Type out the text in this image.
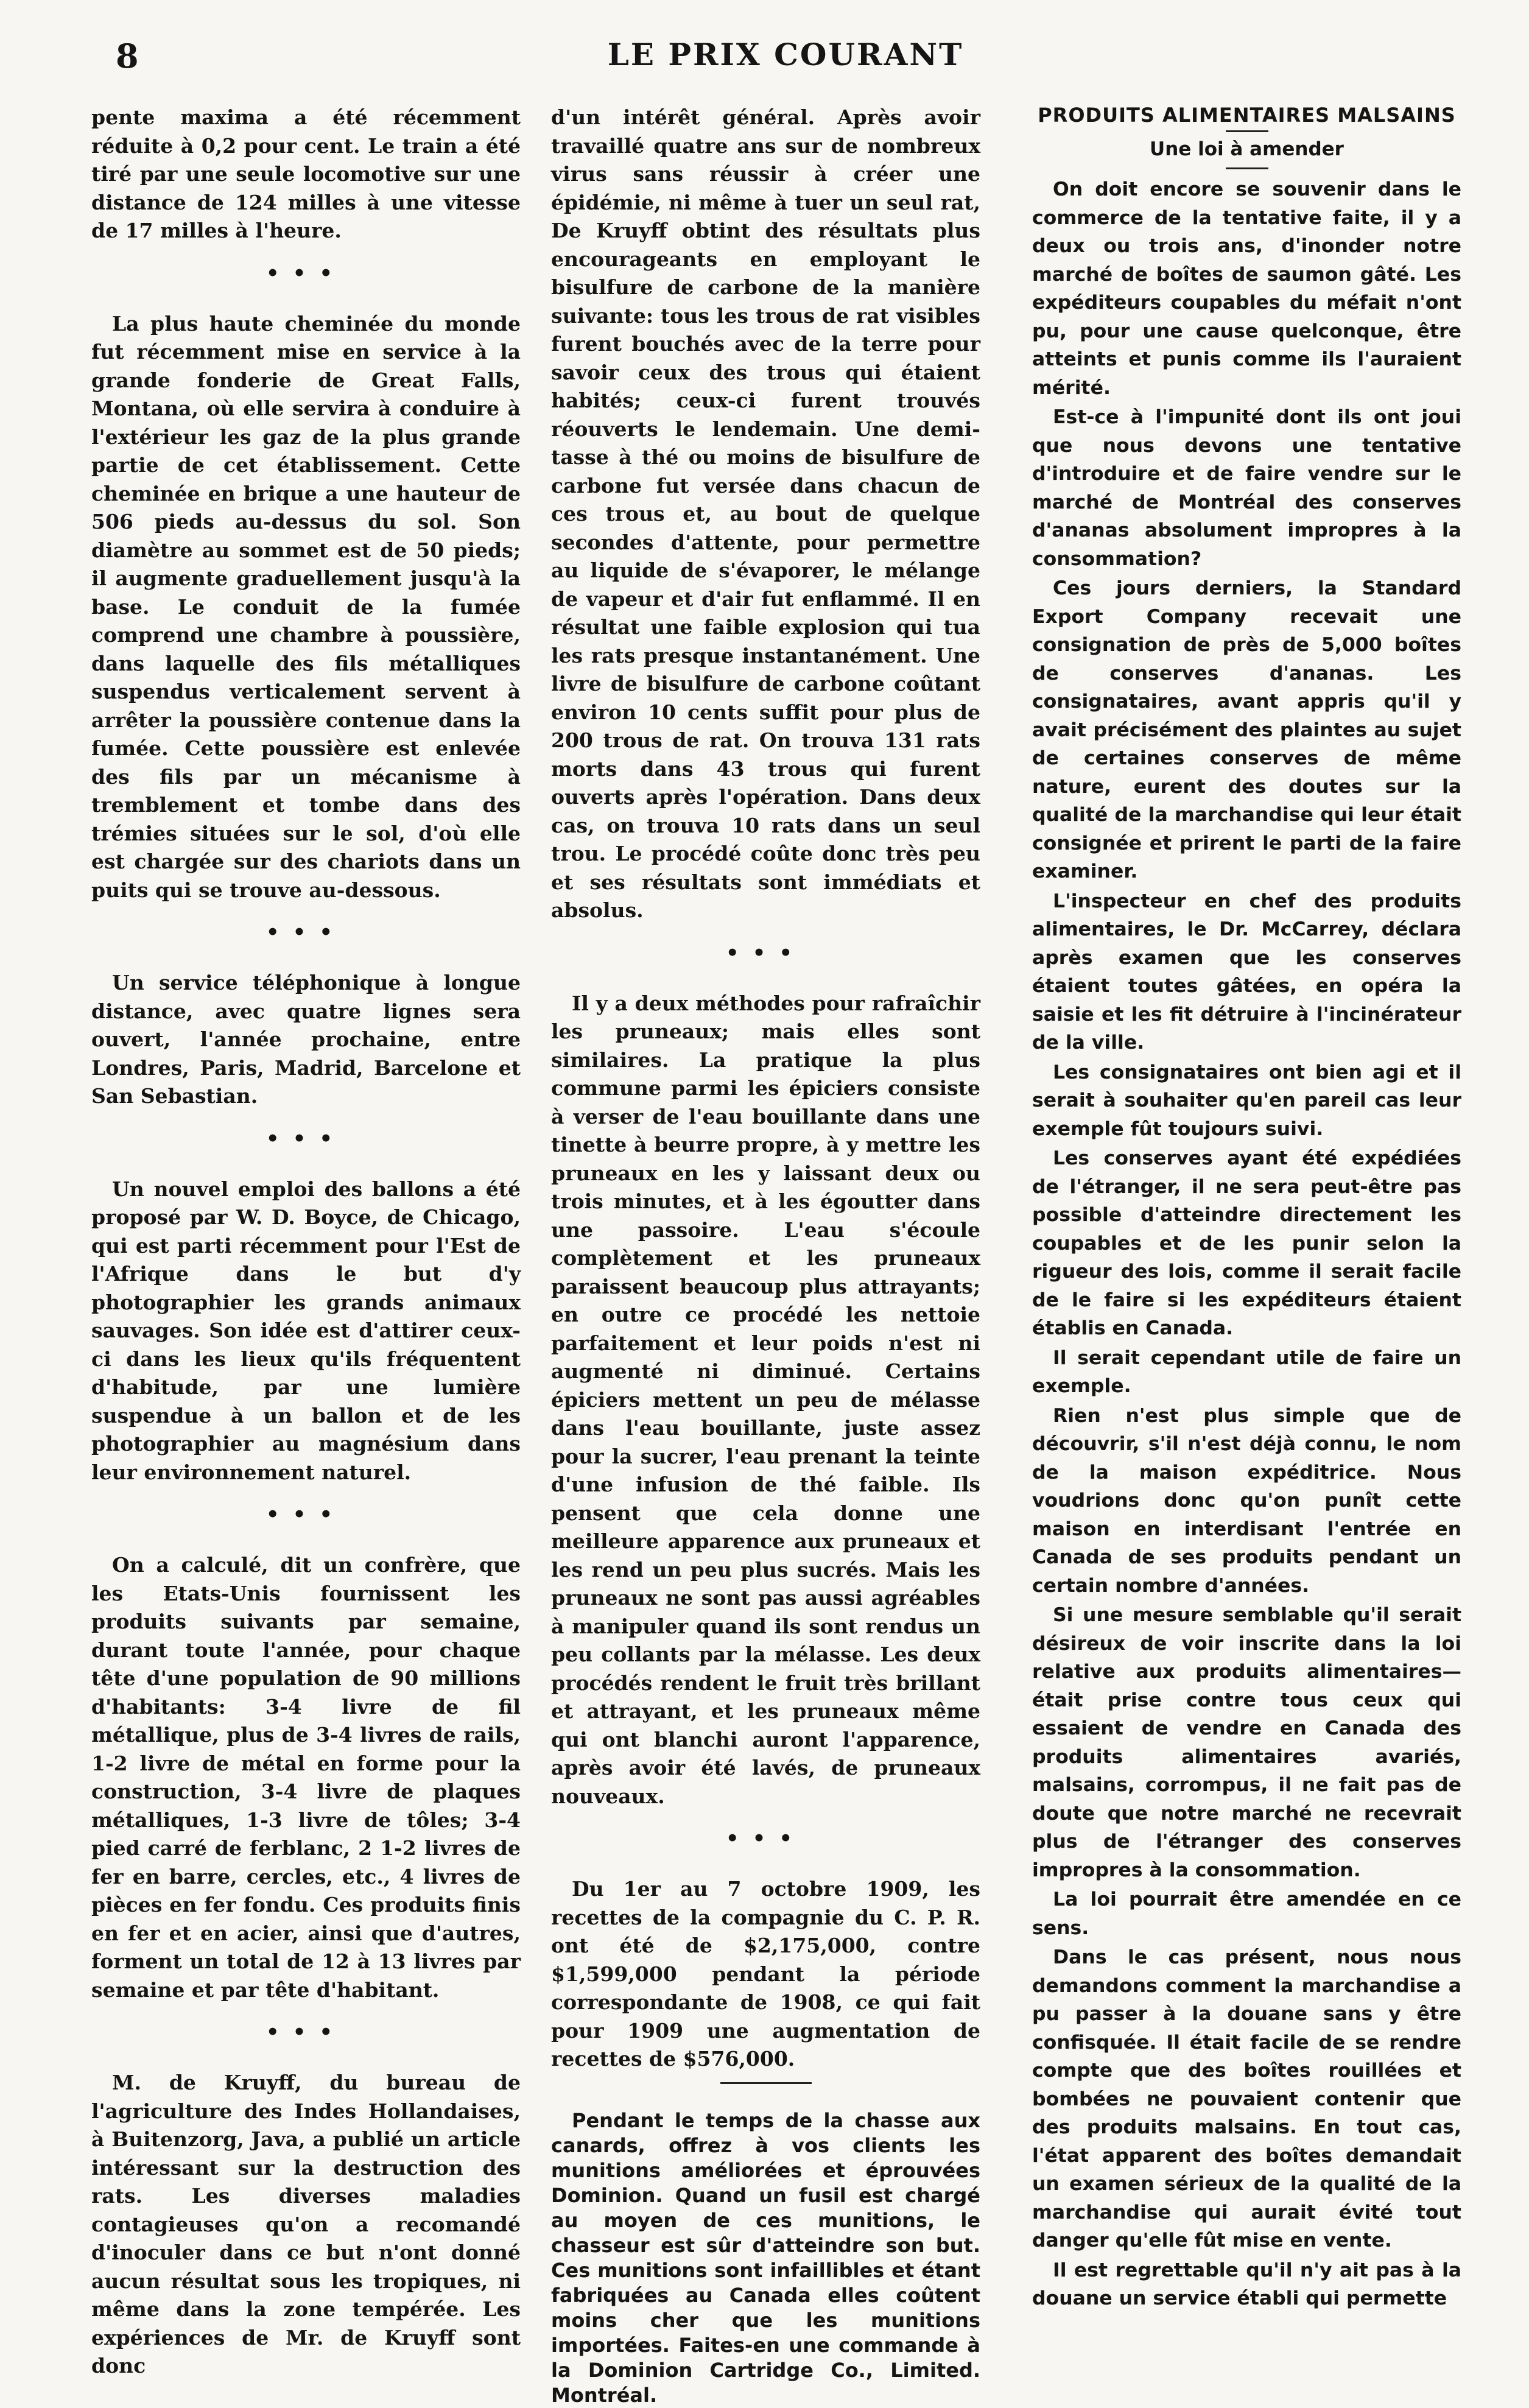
8	LE PRIX COURANT

pente maxima a été récemment réduite à 0,2 pour cent. Le train a été tiré par une seule locomotive sur une distance de 124 milles à une vitesse de 17 milles à l'heure.

•••

La plus haute cheminée du monde fut récemment mise en service à la grande fonderie de Great Falls, Montana, où elle servira à conduire à l'extérieur les gaz de la plus grande partie de cet établissement. Cette cheminée en brique a une hauteur de 506 pieds au-dessus du sol. Son diamètre au sommet est de 50 pieds; il augmente graduellement jusqu'à la base. Le conduit de la fumée comprend une chambre à poussière, dans laquelle des fils métalliques suspendus verticalement servent à arrêter la poussière contenue dans la fumée. Cette poussière est enlevée des fils par un mécanisme à tremblement et tombe dans des trémies situées sur le sol, d'où elle est chargée sur des chariots dans un puits qui se trouve au-dessous.

•••

Un service téléphonique à longue distance, avec quatre lignes sera ouvert, l'année prochaine, entre Londres, Paris, Madrid, Barcelone et San Sebastian.

•••

Un nouvel emploi des ballons a été proposé par W. D. Boyce, de Chicago, qui est parti récemment pour l'Est de l'Afrique dans le but d'y photographier les grands animaux sauvages. Son idée est d'attirer ceux-ci dans les lieux qu'ils fréquentent d'habitude, par une lumière suspendue à un ballon et de les photographier au magnésium dans leur environnement naturel.

•••

On a calculé, dit un confrère, que les Etats-Unis fournissent les produits suivants par semaine, durant toute l'année, pour chaque tête d'une population de 90 millions d'habitants: 3-4 livre de fil métallique, plus de 3-4 livres de rails, 1-2 livre de métal en forme pour la construction, 3-4 livre de plaques métalliques, 1-3 livre de tôles; 3-4 pied carré de ferblanc, 2 1-2 livres de fer en barre, cercles, etc., 4 livres de pièces en fer fondu. Ces produits finis en fer et en acier, ainsi que d'autres, forment un total de 12 à 13 livres par semaine et par tête d'habitant.

•••

M. de Kruyff, du bureau de l'agriculture des Indes Hollandaises, à Buitenzorg, Java, a publié un article intéressant sur la destruction des rats. Les diverses maladies contagieuses qu'on a recomandé d'inoculer dans ce but n'ont donné aucun résultat sous les tropiques, ni même dans la zone tempérée. Les expériences de Mr. de Kruyff sont donc

d'un intérêt général. Après avoir travaillé quatre ans sur de nombreux virus sans réussir à créer une épidémie, ni même à tuer un seul rat, De Kruyff obtint des résultats plus encourageants en employant le bisulfure de carbone de la manière suivante: tous les trous de rat visibles furent bouchés avec de la terre pour savoir ceux des trous qui étaient habités; ceux-ci furent trouvés réouverts le lendemain. Une demi-tasse à thé ou moins de bisulfure de carbone fut versée dans chacun de ces trous et, au bout de quelque secondes d'attente, pour permettre au liquide de s'évaporer, le mélange de vapeur et d'air fut enflammé. Il en résultat une faible explosion qui tua les rats presque instantanément. Une livre de bisulfure de carbone coûtant environ 10 cents suffit pour plus de 200 trous de rat. On trouva 131 rats morts dans 43 trous qui furent ouverts après l'opération. Dans deux cas, on trouva 10 rats dans un seul trou. Le procédé coûte donc très peu et ses résultats sont immédiats et absolus.

•••

Il y a deux méthodes pour rafraîchir les pruneaux; mais elles sont similaires. La pratique la plus commune parmi les épiciers consiste à verser de l'eau bouillante dans une tinette à beurre propre, à y mettre les pruneaux en les y laissant deux ou trois minutes, et à les égoutter dans une passoire. L'eau s'écoule complètement et les pruneaux paraissent beaucoup plus attrayants; en outre ce procédé les nettoie parfaitement et leur poids n'est ni augmenté ni diminué. Certains épiciers mettent un peu de mélasse dans l'eau bouillante, juste assez pour la sucrer, l'eau prenant la teinte d'une infusion de thé faible. Ils pensent que cela donne une meilleure apparence aux pruneaux et les rend un peu plus sucrés. Mais les pruneaux ne sont pas aussi agréables à manipuler quand ils sont rendus un peu collants par la mélasse. Les deux procédés rendent le fruit très brillant et attrayant, et les pruneaux même qui ont blanchi auront l'apparence, après avoir été lavés, de pruneaux nouveaux.

•••

Du 1er au 7 octobre 1909, les recettes de la compagnie du C. P. R. ont été de $2,175,000, contre $1,599,000 pendant la période correspondante de 1908, ce qui fait pour 1909 une augmentation de recettes de $576,000.

Pendant le temps de la chasse aux canards, offrez à vos clients les munitions améliorées et éprouvées Dominion. Quand un fusil est chargé au moyen de ces munitions, le chasseur est sûr d'atteindre son but. Ces munitions sont infaillibles et étant fabriquées au Canada elles coûtent moins cher que les munitions importées. Faites-en une commande à la Dominion Cartridge Co., Limited. Montréal.

PRODUITS ALIMENTAIRES MALSAINS
Une loi à amender

On doit encore se souvenir dans le commerce de la tentative faite, il y a deux ou trois ans, d'inonder notre marché de boîtes de saumon gâté. Les expéditeurs coupables du méfait n'ont pu, pour une cause quelconque, être atteints et punis comme ils l'auraient mérité.

Est-ce à l'impunité dont ils ont joui que nous devons une tentative d'introduire et de faire vendre sur le marché de Montréal des conserves d'ananas absolument impropres à la consommation?

Ces jours derniers, la Standard Export Company recevait une consignation de près de 5,000 boîtes de conserves d'ananas. Les consignataires, avant appris qu'il y avait précisément des plaintes au sujet de certaines conserves de même nature, eurent des doutes sur la qualité de la marchandise qui leur était consignée et prirent le parti de la faire examiner.

L'inspecteur en chef des produits alimentaires, le Dr. McCarrey, déclara après examen que les conserves étaient toutes gâtées, en opéra la saisie et les fit détruire à l'incinérateur de la ville.

Les consignataires ont bien agi et il serait à souhaiter qu'en pareil cas leur exemple fût toujours suivi.

Les conserves ayant été expédiées de l'étranger, il ne sera peut-être pas possible d'atteindre directement les coupables et de les punir selon la rigueur des lois, comme il serait facile de le faire si les expéditeurs étaient établis en Canada.

Il serait cependant utile de faire un exemple.

Rien n'est plus simple que de découvrir, s'il n'est déjà connu, le nom de la maison expéditrice. Nous voudrions donc qu'on punît cette maison en interdisant l'entrée en Canada de ses produits pendant un certain nombre d'années.

Si une mesure semblable qu'il serait désireux de voir inscrite dans la loi relative aux produits alimentaires—était prise contre tous ceux qui essaient de vendre en Canada des produits alimentaires avariés, malsains, corrompus, il ne fait pas de doute que notre marché ne recevrait plus de l'étranger des conserves impropres à la consommation.

La loi pourrait être amendée en ce sens.

Dans le cas présent, nous nous demandons comment la marchandise a pu passer à la douane sans y être confisquée. Il était facile de se rendre compte que des boîtes rouillées et bombées ne pouvaient contenir que des produits malsains. En tout cas, l'état apparent des boîtes demandait un examen sérieux de la qualité de la marchandise qui aurait évité tout danger qu'elle fût mise en vente.

Il est regrettable qu'il n'y ait pas à la douane un service établi qui permette
